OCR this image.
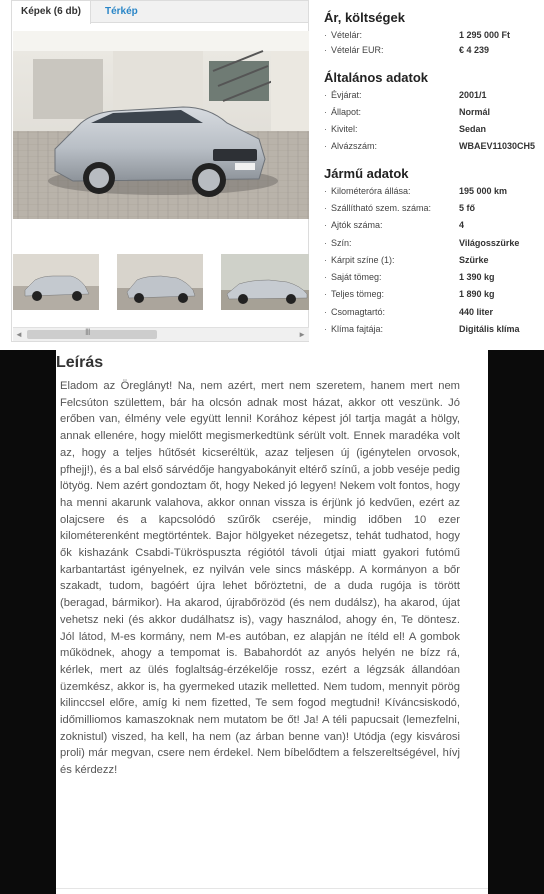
Képek (6 db)	Térkép
◄	III	►
Ár, költségek
· Vételár:	1 295 000 Ft
· Vételár EUR:	€ 4 239
Általános adatok
· Évjárat:	2001/1
· Állapot:	Normál
· Kivitel:	Sedan
· Alvázszám:	WBAEV11030CH5
Jármű adatok
· Kilométeróra állása:	195 000 km
· Szállítható szem. száma:	5 fő
· Ajtók száma:	4
· Szín:	Világosszürke
· Kárpit színe (1):	Szürke
· Saját tömeg:	1 390 kg
· Teljes tömeg:	1 890 kg
· Csomagtartó:	440 liter
· Klíma fajtája:	Digitális klíma
Leírás
Eladom az Öreglányt! Na, nem azért, mert nem szeretem, hanem mert nem Felcsúton születtem, bár ha olcsón adnak most házat, akkor ott veszünk. Jó erőben van, élmény vele együtt lenni! Korához képest jól tartja magát a hölgy, annak ellenére, hogy mielőtt megismerkedtünk sérült volt. Ennek maradéka volt az, hogy a teljes hűtősét kicseréltük, azaz teljesen új (igénytelen orvosok, pfhejj!), és a bal első sárvédője hangyabokányit eltérő színű, a jobb veséje pedig lötyög. Nem azért gondoztam őt, hogy Neked jó legyen! Nekem volt fontos, hogy ha menni akarunk valahova, akkor onnan vissza is érjünk jó kedvűen, ezért az olajcsere és a kapcsolódó szűrők cseréje, mindig időben 10 ezer kilométerenként megtörténtek. Bajor hölgyeket nézegetsz, tehát tudhatod, hogy ők kishazánk Csabdi-Tükröspuszta régiótól távoli útjai miatt gyakori futómű karbantartást igényelnek, ez nyilván vele sincs másképp. A kormányon a bőr szakadt, tudom, bagóért újra lehet bőröztetni, de a duda rugója is törött (beragad, bármikor). Ha akarod, újrabőrözöd (és nem dudálsz), ha akarod, újat vehetsz neki (és akkor dudálhatsz is), vagy használod, ahogy én, Te döntesz. Jól látod, M-es kormány, nem M-es autóban, ez alapján ne ítéld el! A gombok működnek, ahogy a tempomat is. Babahordót az anyós helyén ne bízz rá, kérlek, mert az ülés foglaltság-érzékelője rossz, ezért a légzsák állandóan üzemkész, akkor is, ha gyermeked utazik melletted. Nem tudom, mennyit pörög kilinccsel előre, amíg ki nem fizetted, Te sem fogod megtudni! Kíváncsiskodó, időmilliomos kamaszoknak nem mutatom be őt! Ja! A téli papucsait (lemezfelni, zoknistul) viszed, ha kell, ha nem (az árban benne van)! Utódja (egy kisvárosi proli) már megvan, csere nem érdekel. Nem bíbelődtem a felszereltségével, hívj és kérdezz!
